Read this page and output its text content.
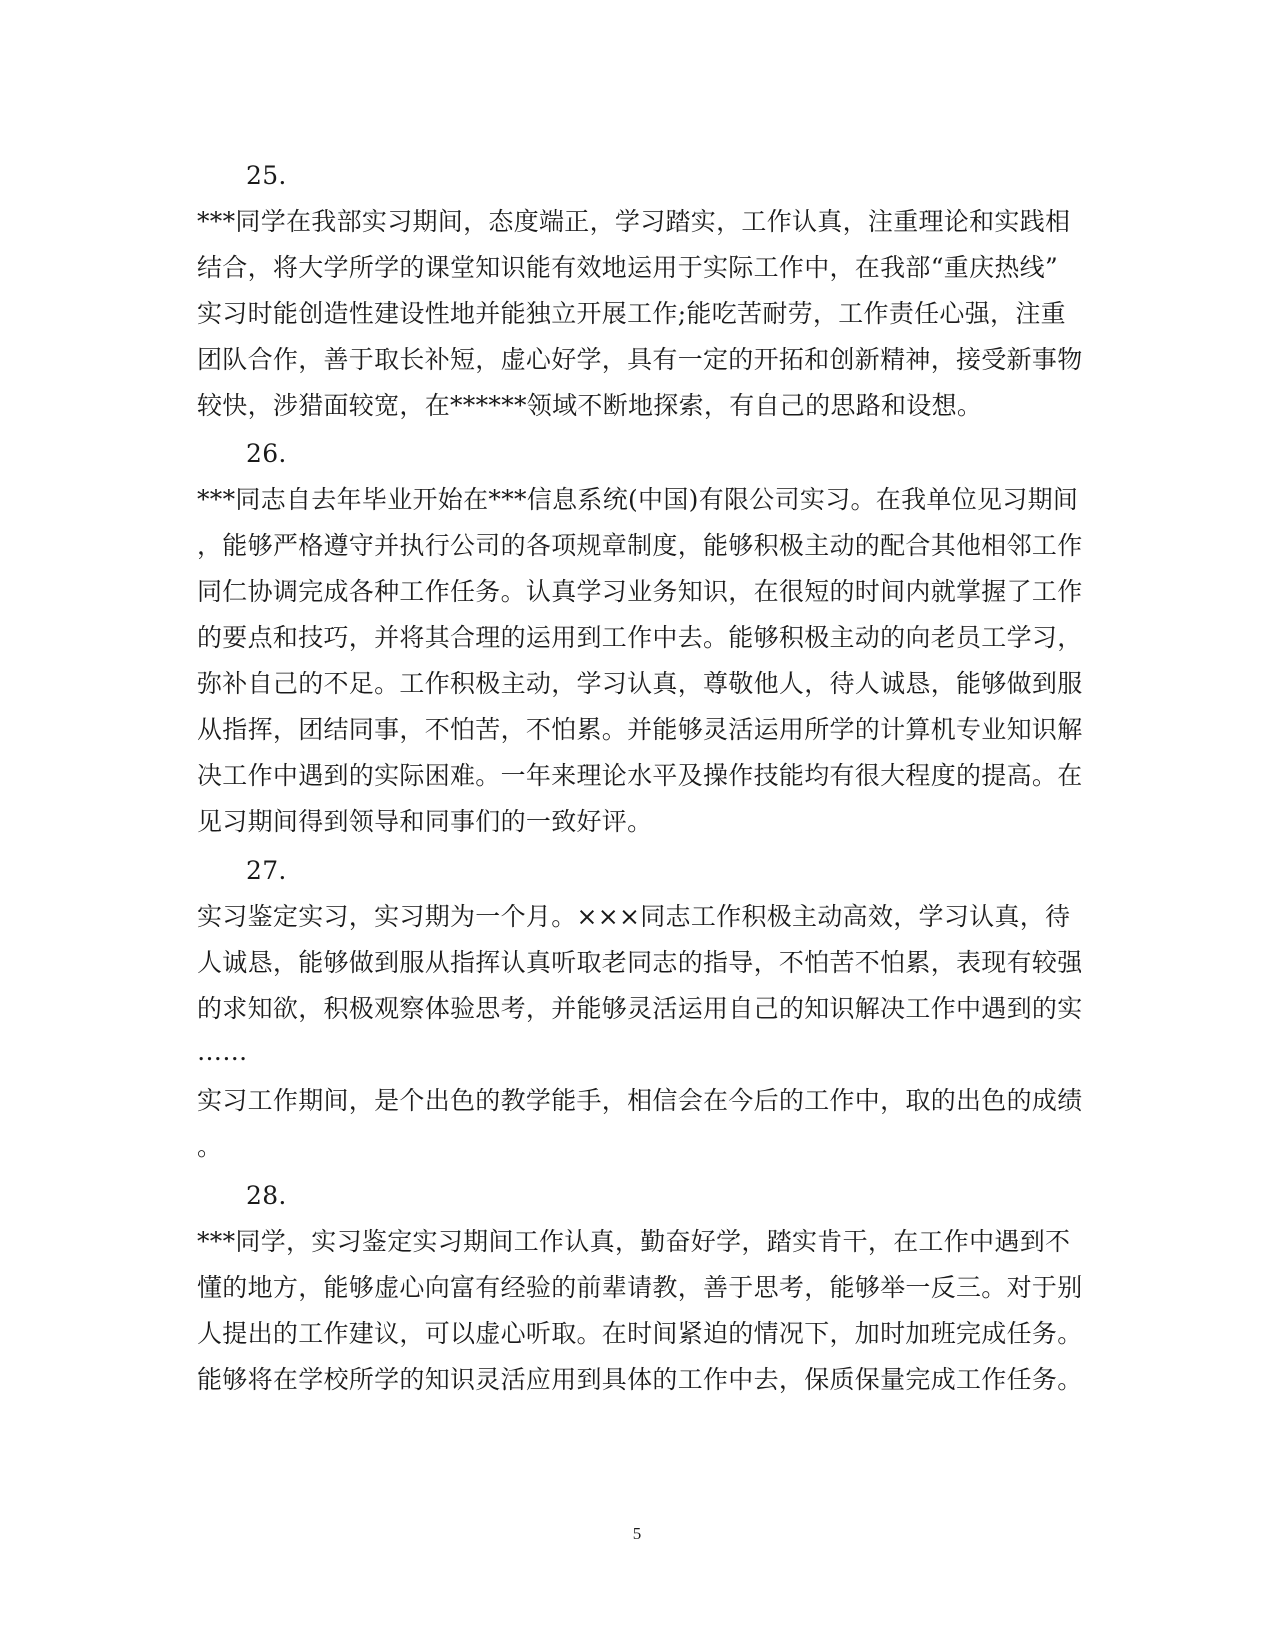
25.
***同学在我部实习期间，态度端正，学习踏实，工作认真，注重理论和实践相
结合，将大学所学的课堂知识能有效地运用于实际工作中，在我部“重庆热线”
实习时能创造性建设性地并能独立开展工作;能吃苦耐劳，工作责任心强，注重
团队合作，善于取长补短，虚心好学，具有一定的开拓和创新精神，接受新事物
较快，涉猎面较宽，在******领域不断地探索，有自己的思路和设想。
26.
***同志自去年毕业开始在***信息系统(中国)有限公司实习。在我单位见习期间
，能够严格遵守并执行公司的各项规章制度，能够积极主动的配合其他相邻工作
同仁协调完成各种工作任务。认真学习业务知识，在很短的时间内就掌握了工作
的要点和技巧，并将其合理的运用到工作中去。能够积极主动的向老员工学习，
弥补自己的不足。工作积极主动，学习认真，尊敬他人，待人诚恳，能够做到服
从指挥，团结同事，不怕苦，不怕累。并能够灵活运用所学的计算机专业知识解
决工作中遇到的实际困难。一年来理论水平及操作技能均有很大程度的提高。在
见习期间得到领导和同事们的一致好评。
27.
实习鉴定实习，实习期为一个月。×××同志工作积极主动高效，学习认真，待
人诚恳，能够做到服从指挥认真听取老同志的指导，不怕苦不怕累，表现有较强
的求知欲，积极观察体验思考，并能够灵活运用自己的知识解决工作中遇到的实
……
实习工作期间，是个出色的教学能手，相信会在今后的工作中，取的出色的成绩
。
28.
***同学，实习鉴定实习期间工作认真，勤奋好学，踏实肯干，在工作中遇到不
懂的地方，能够虚心向富有经验的前辈请教，善于思考，能够举一反三。对于别
人提出的工作建议，可以虚心听取。在时间紧迫的情况下，加时加班完成任务。
能够将在学校所学的知识灵活应用到具体的工作中去，保质保量完成工作任务。
5
